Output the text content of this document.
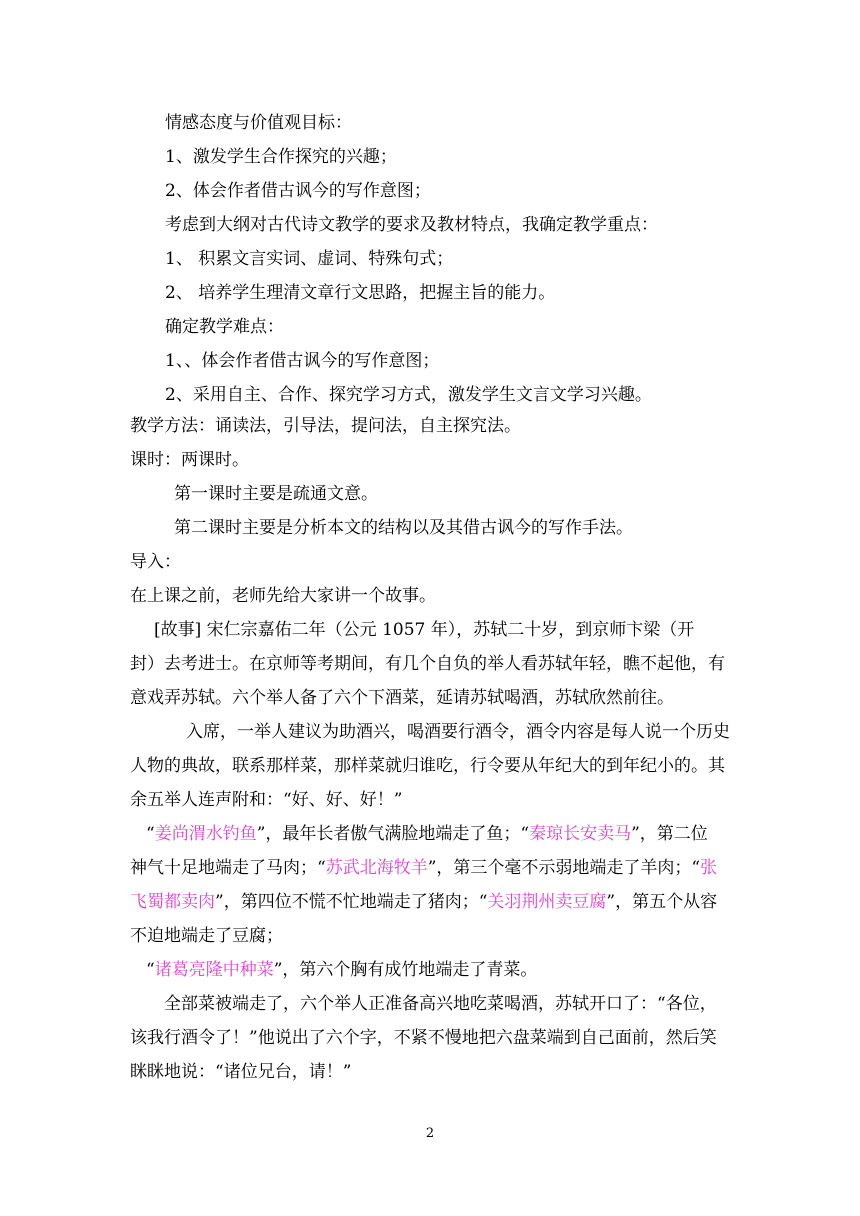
情感态度与价值观目标：
1、激发学生合作探究的兴趣；
2、体会作者借古讽今的写作意图；
考虑到大纲对古代诗文教学的要求及教材特点，我确定教学重点：
1、 积累文言实词、虚词、特殊句式；
2、 培养学生理清文章行文思路，把握主旨的能力。
确定教学难点：
1、、体会作者借古讽今的写作意图；
2、采用自主、合作、探究学习方式，激发学生文言文学习兴趣。
教学方法：诵读法，引导法，提问法，自主探究法。
课时：两课时。
第一课时主要是疏通文意。
第二课时主要是分析本文的结构以及其借古讽今的写作手法。
导入：
在上课之前，老师先给大家讲一个故事。
[故事] 宋仁宗嘉佑二年（公元 1057 年），苏轼二十岁，到京师卞梁（开
封）去考进士。在京师等考期间，有几个自负的举人看苏轼年轻，瞧不起他，有
意戏弄苏轼。六个举人备了六个下酒菜，延请苏轼喝酒，苏轼欣然前往。
入席，一举人建议为助酒兴，喝酒要行酒令，酒令内容是每人说一个历史
人物的典故，联系那样菜，那样菜就归谁吃，行令要从年纪大的到年纪小的。其
余五举人连声附和：“好、好、好！”
“姜尚渭水钓鱼”，最年长者傲气满脸地端走了鱼；“秦琼长安卖马”，第二位
神气十足地端走了马肉；“苏武北海牧羊”，第三个毫不示弱地端走了羊肉；“张
飞蜀都卖肉”，第四位不慌不忙地端走了猪肉；“关羽荆州卖豆腐”，第五个从容
不迫地端走了豆腐；
“诸葛亮隆中种菜”，第六个胸有成竹地端走了青菜。
全部菜被端走了，六个举人正准备高兴地吃菜喝酒，苏轼开口了：“各位，
该我行酒令了！”他说出了六个字，不紧不慢地把六盘菜端到自己面前，然后笑
眯眯地说：“诸位兄台，请！”
2
